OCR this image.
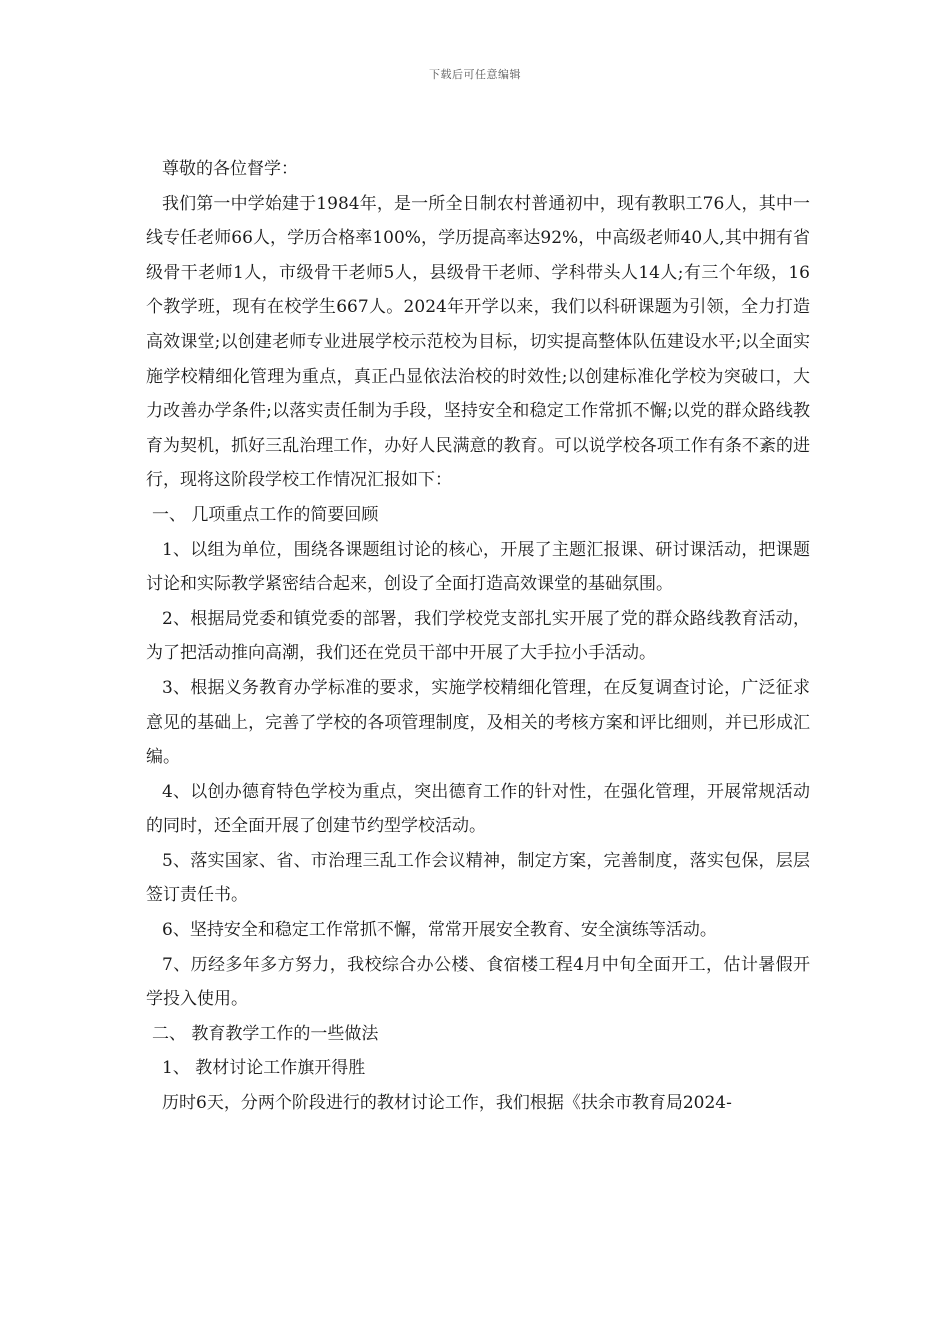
下载后可任意编辑

尊敬的各位督学：

我们第一中学始建于1984年，是一所全日制农村普通初中，现有教职工76人，其中一线专任老师66人，学历合格率100%，学历提高率达92%，中高级老师40人,其中拥有省级骨干老师1人，市级骨干老师5人，县级骨干老师、学科带头人14人;有三个年级，16个教学班，现有在校学生667人。2024年开学以来，我们以科研课题为引领，全力打造高效课堂;以创建老师专业进展学校示范校为目标，切实提高整体队伍建设水平;以全面实施学校精细化管理为重点，真正凸显依法治校的时效性;以创建标准化学校为突破口，大力改善办学条件;以落实责任制为手段，坚持安全和稳定工作常抓不懈;以党的群众路线教育为契机，抓好三乱治理工作，办好人民满意的教育。可以说学校各项工作有条不紊的进行，现将这阶段学校工作情况汇报如下：

一、 几项重点工作的简要回顾

1、以组为单位，围绕各课题组讨论的核心，开展了主题汇报课、研讨课活动，把课题讨论和实际教学紧密结合起来，创设了全面打造高效课堂的基础氛围。

2、根据局党委和镇党委的部署，我们学校党支部扎实开展了党的群众路线教育活动，为了把活动推向高潮，我们还在党员干部中开展了大手拉小手活动。

3、根据义务教育办学标准的要求，实施学校精细化管理，在反复调查讨论，广泛征求意见的基础上，完善了学校的各项管理制度，及相关的考核方案和评比细则，并已形成汇编。

4、以创办德育特色学校为重点，突出德育工作的针对性，在强化管理，开展常规活动的同时，还全面开展了创建节约型学校活动。

5、落实国家、省、市治理三乱工作会议精神，制定方案，完善制度，落实包保，层层签订责任书。

6、坚持安全和稳定工作常抓不懈，常常开展安全教育、安全演练等活动。

7、历经多年多方努力，我校综合办公楼、食宿楼工程4月中旬全面开工，估计暑假开学投入使用。

二、 教育教学工作的一些做法

1、 教材讨论工作旗开得胜

历时6天，分两个阶段进行的教材讨论工作，我们根据《扶余市教育局2024-
